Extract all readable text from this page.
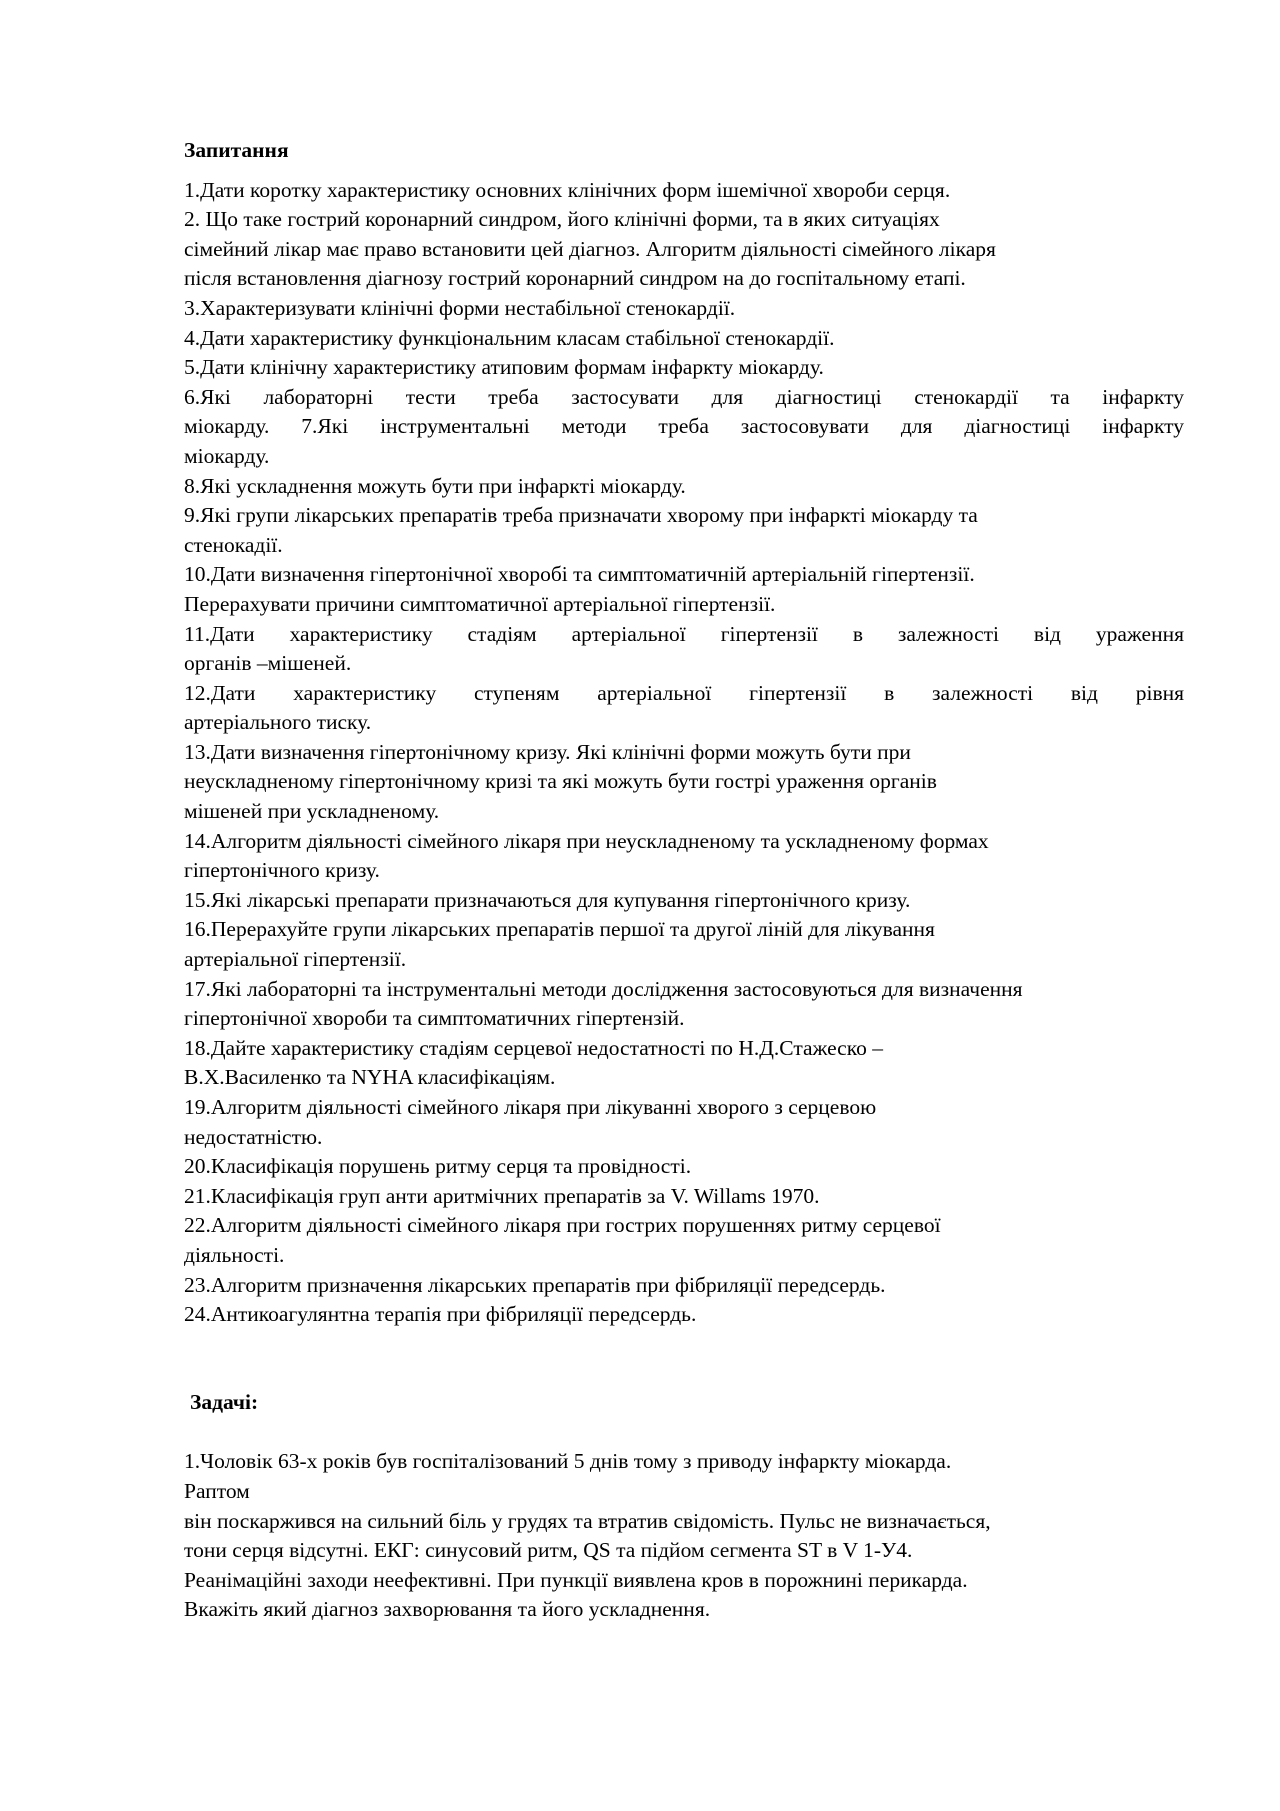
Запитання

1.Дати коротку характеристику основних клінічних форм ішемічної хвороби серця.
2. Що таке гострий коронарний синдром, його клінічні форми, та в яких ситуаціях
сімейний лікар має право встановити цей діагноз. Алгоритм діяльності сімейного лікаря
після встановлення діагнозу гострий коронарний синдром на до госпітальному етапі.
3.Характеризувати клінічні форми нестабільної стенокардії.
4.Дати характеристику функціональним класам стабільної стенокардії.
5.Дати клінічну характеристику атиповим формам інфаркту міокарду.
6.Які лабораторні тести треба застосувати для діагностиці стенокардії та інфаркту
міокарду. 7.Які інструментальні методи треба застосовувати для діагностиці інфаркту
міокарду.
8.Які ускладнення можуть бути при інфаркті міокарду.
9.Які групи лікарських препаратів треба призначати хворому при інфаркті міокарду та
стенокадії.
10.Дати визначення гіпертонічної хворобі та симптоматичній артеріальній гіпертензії.
Перерахувати причини симптоматичної артеріальної гіпертензії.
11.Дати характеристику стадіям артеріальної гіпертензії в залежності від ураження
органів –мішеней.
12.Дати характеристику ступеням артеріальної гіпертензії в залежності від рівня
артеріального тиску.
13.Дати визначення гіпертонічному кризу. Які клінічні форми можуть бути при
неускладненому гіпертонічному кризі та які можуть бути гострі ураження органів
мішеней при ускладненому.
14.Алгоритм діяльності сімейного лікаря при неускладненому та ускладненому формах
гіпертонічного кризу.
15.Які лікарські препарати призначаються для купування гіпертонічного кризу.
16.Перерахуйте групи лікарських препаратів першої та другої ліній для лікування
артеріальної гіпертензії.
17.Які лабораторні та інструментальні методи дослідження застосовуються для визначення
гіпертонічної хвороби та симптоматичних гіпертензій.
18.Дайте характеристику стадіям серцевої недостатності по Н.Д.Стажеско –
В.Х.Василенко та NYHA класифікаціям.
19.Алгоритм діяльності сімейного лікаря при лікуванні хворого з серцевою
недостатністю.
20.Класифікація порушень ритму серця та провідності.
21.Класифікація груп анти аритмічних препаратів за V. Willams 1970.
22.Алгоритм діяльності сімейного лікаря при гострих порушеннях ритму серцевої
діяльності.
23.Алгоритм призначення лікарських препаратів при фібриляції передсердь.
24.Антикоагулянтна терапія при фібриляції передсердь.

Задачі:

1.Чоловік 63-х років був госпіталізований 5 днів тому з приводу інфаркту міокарда.
Раптом
він поскаржився на сильний біль у грудях та втратив свідомість. Пульс не визначається,
тони серця відсутні. ЕКГ: синусовий ритм, QS та підйом сегмента ST в V 1-У4.
Реанімаційні заходи неефективні. При пункції виявлена кров в порожнині перикарда.
Вкажіть який діагноз захворювання та його ускладнення.
